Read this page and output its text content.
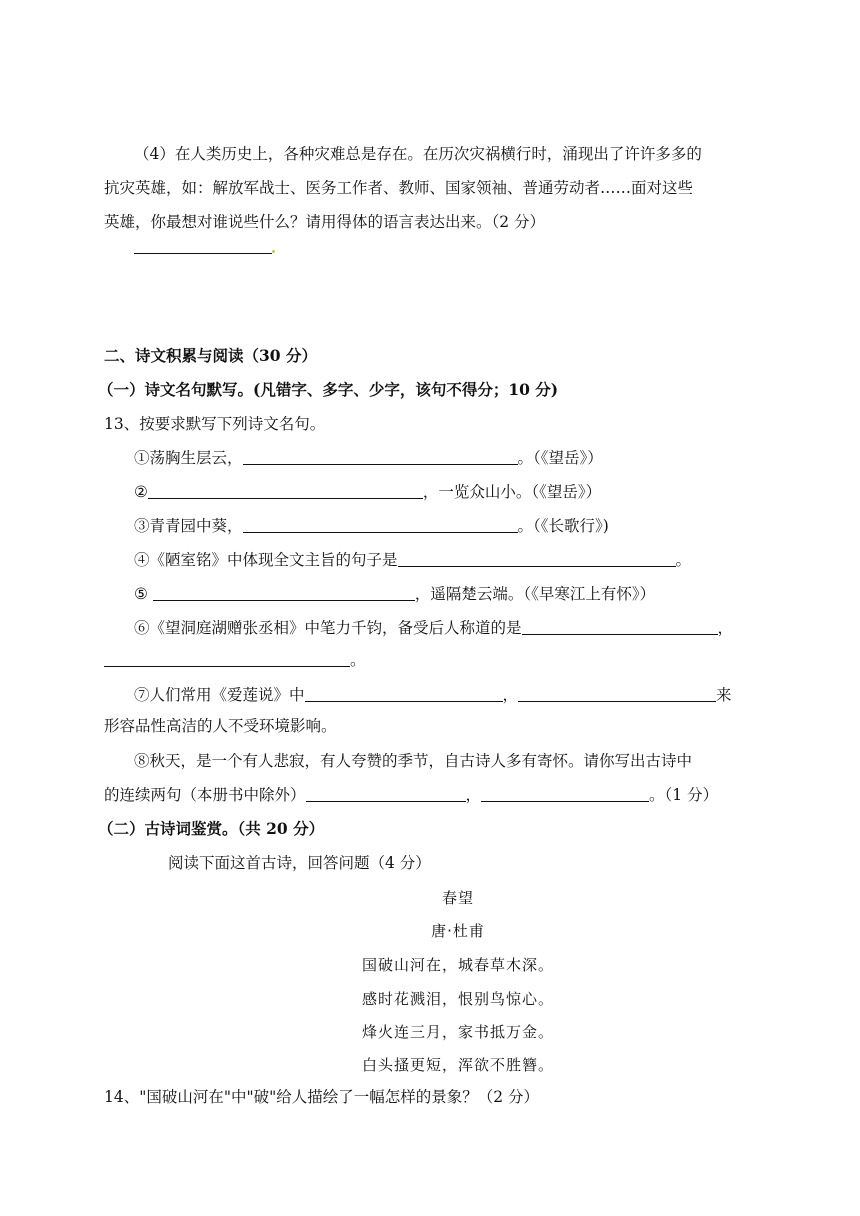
（4）在人类历史上，各种灾难总是存在。在历次灾祸横行时，涌现出了许许多多的
抗灾英雄，如：解放军战士、医务工作者、教师、国家领袖、普通劳动者……面对这些
英雄，你最想对谁说些什么？请用得体的语言表达出来。（2 分）
二、诗文积累与阅读（30 分）
（一）诗文名句默写。(凡错字、多字、少字，该句不得分；10 分)
13、按要求默写下列诗文名句。
①荡胸生层云，	。（《望岳》）
②	，一览众山小。（《望岳》）
③青青园中葵，	。（《长歌行》)
④《陋室铭》中体现全文主旨的句子是	。
⑤	，遥隔楚云端。（《早寒江上有怀》）
⑥《望洞庭湖赠张丞相》中笔力千钧，备受后人称道的是	，
。
⑦人们常用《爱莲说》中	，	来
形容品性高洁的人不受环境影响。
⑧秋天，是一个有人悲寂，有人夸赞的季节，自古诗人多有寄怀。请你写出古诗中
的连续两句（本册书中除外）	，	。（1 分）
（二）古诗词鉴赏。（共 20 分）
阅读下面这首古诗，回答问题（4 分）
春望
唐·杜甫
国破山河在，城春草木深。
感时花溅泪，恨别鸟惊心。
烽火连三月，家书抵万金。
白头搔更短，浑欲不胜簪。
14、"国破山河在"中"破"给人描绘了一幅怎样的景象？（2 分）
